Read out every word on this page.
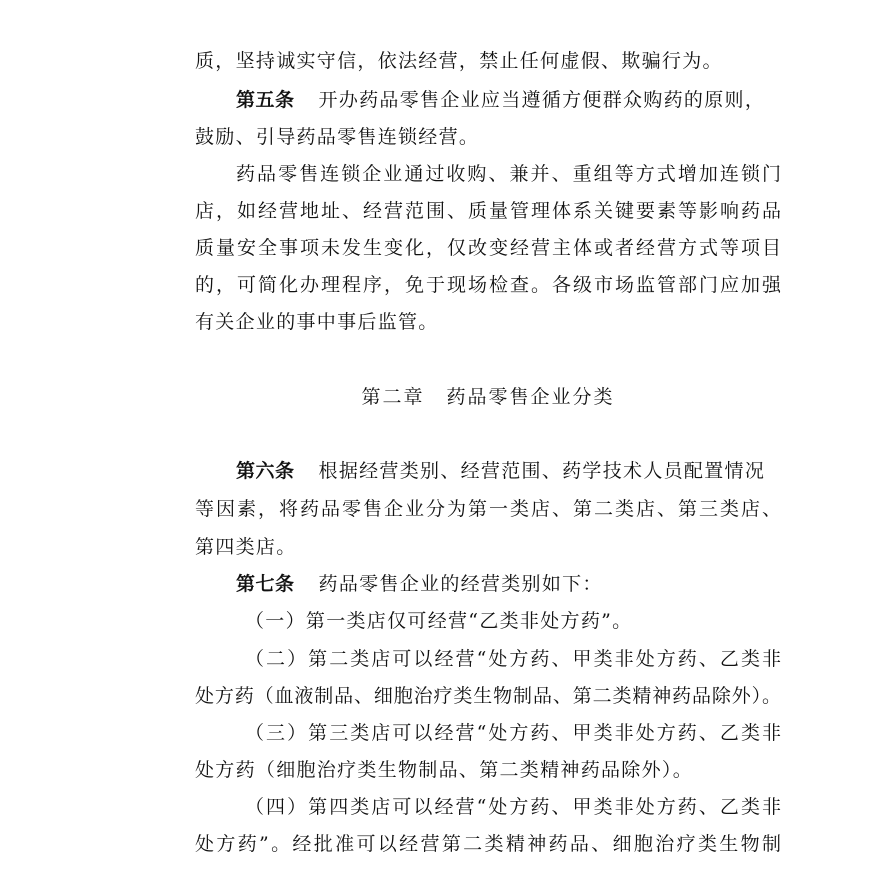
质，坚持诚实守信，依法经营，禁止任何虚假、欺骗行为。
第五条 开办药品零售企业应当遵循方便群众购药的原则，
鼓励、引导药品零售连锁经营。
药品零售连锁企业通过收购、兼并、重组等方式增加连锁门
店，如经营地址、经营范围、质量管理体系关键要素等影响药品
质量安全事项未发生变化，仅改变经营主体或者经营方式等项目
的，可简化办理程序，免于现场检查。各级市场监管部门应加强
有关企业的事中事后监管。
第二章 药品零售企业分类
第六条 根据经营类别、经营范围、药学技术人员配置情况
等因素，将药品零售企业分为第一类店、第二类店、第三类店、
第四类店。
第七条 药品零售企业的经营类别如下：
（一）第一类店仅可经营“乙类非处方药”。
（二）第二类店可以经营“处方药、甲类非处方药、乙类非
处方药（血液制品、细胞治疗类生物制品、第二类精神药品除外）。
（三）第三类店可以经营“处方药、甲类非处方药、乙类非
处方药（细胞治疗类生物制品、第二类精神药品除外）。
（四）第四类店可以经营“处方药、甲类非处方药、乙类非
处方药”。经批准可以经营第二类精神药品、细胞治疗类生物制
